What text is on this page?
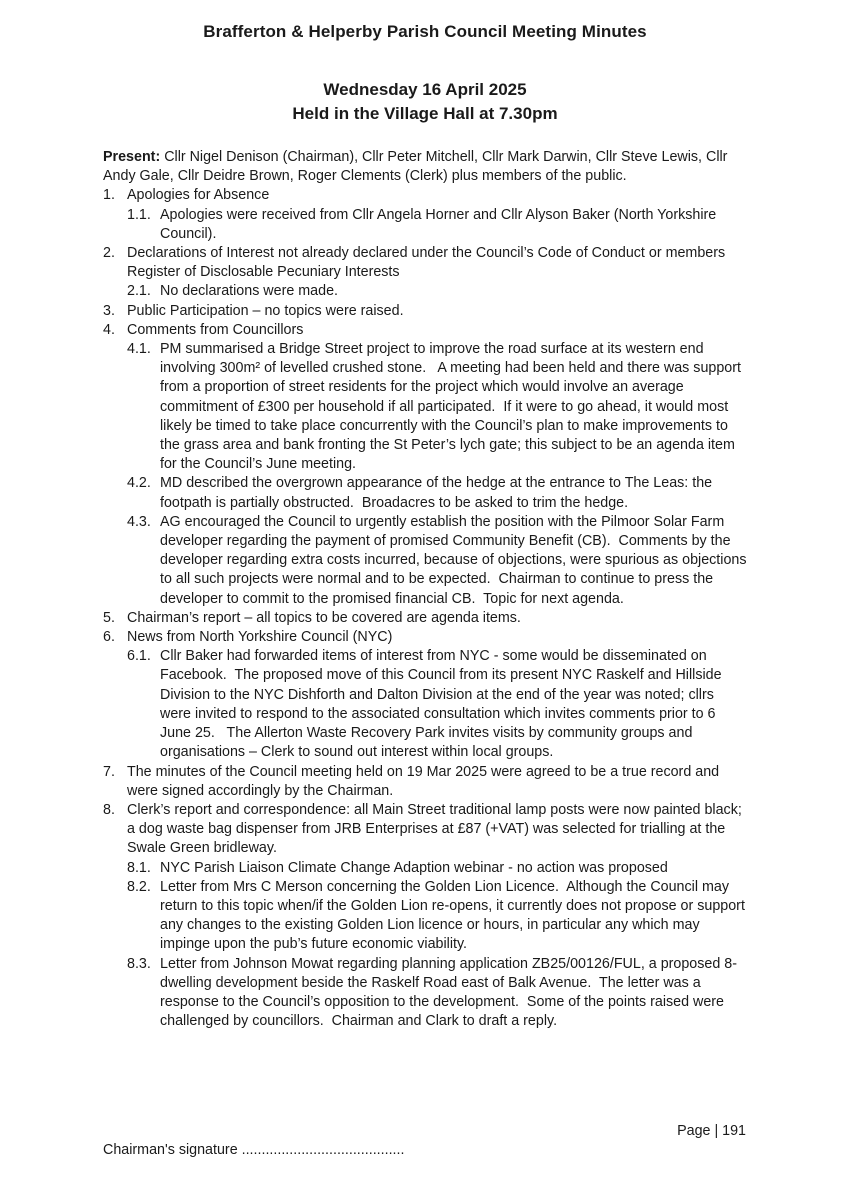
Brafferton & Helperby Parish Council Meeting Minutes
Wednesday 16 April 2025
Held in the Village Hall at 7.30pm

Present: Cllr Nigel Denison (Chairman), Cllr Peter Mitchell, Cllr Mark Darwin, Cllr Steve Lewis, Cllr Andy Gale, Cllr Deidre Brown, Roger Clements (Clerk) plus members of the public.

1. Apologies for Absence
1.1. Apologies were received from Cllr Angela Horner and Cllr Alyson Baker (North Yorkshire Council).
2. Declarations of Interest not already declared under the Council’s Code of Conduct or members Register of Disclosable Pecuniary Interests
2.1. No declarations were made.
3. Public Participation – no topics were raised.
4. Comments from Councillors
4.1. PM summarised a Bridge Street project to improve the road surface at its western end involving 300m² of levelled crushed stone.   A meeting had been held and there was support from a proportion of street residents for the project which would involve an average commitment of £300 per household if all participated.  If it were to go ahead, it would most likely be timed to take place concurrently with the Council’s plan to make improvements to the grass area and bank fronting the St Peter’s lych gate; this subject to be an agenda item for the Council’s June meeting.
4.2. MD described the overgrown appearance of the hedge at the entrance to The Leas: the footpath is partially obstructed.  Broadacres to be asked to trim the hedge.
4.3. AG encouraged the Council to urgently establish the position with the Pilmoor Solar Farm developer regarding the payment of promised Community Benefit (CB).  Comments by the developer regarding extra costs incurred, because of objections, were spurious as objections to all such projects were normal and to be expected.  Chairman to continue to press the developer to commit to the promised financial CB.  Topic for next agenda.
5. Chairman’s report – all topics to be covered are agenda items.
6. News from North Yorkshire Council (NYC)
6.1. Cllr Baker had forwarded items of interest from NYC - some would be disseminated on Facebook.  The proposed move of this Council from its present NYC Raskelf and Hillside Division to the NYC Dishforth and Dalton Division at the end of the year was noted; cllrs were invited to respond to the associated consultation which invites comments prior to 6 June 25.   The Allerton Waste Recovery Park invites visits by community groups and organisations – Clerk to sound out interest within local groups.
7. The minutes of the Council meeting held on 19 Mar 2025 were agreed to be a true record and were signed accordingly by the Chairman.
8. Clerk’s report and correspondence: all Main Street traditional lamp posts were now painted black; a dog waste bag dispenser from JRB Enterprises at £87 (+VAT) was selected for trialling at the Swale Green bridleway.
8.1. NYC Parish Liaison Climate Change Adaption webinar - no action was proposed
8.2. Letter from Mrs C Merson concerning the Golden Lion Licence.  Although the Council may return to this topic when/if the Golden Lion re-opens, it currently does not propose or support any changes to the existing Golden Lion licence or hours, in particular any which may impinge upon the pub’s future economic viability.
8.3. Letter from Johnson Mowat regarding planning application ZB25/00126/FUL, a proposed 8-dwelling development beside the Raskelf Road east of Balk Avenue.  The letter was a response to the Council’s opposition to the development.  Some of the points raised were challenged by councillors.  Chairman and Clark to draft a reply.
Page | 191
Chairman's signature .........................................
